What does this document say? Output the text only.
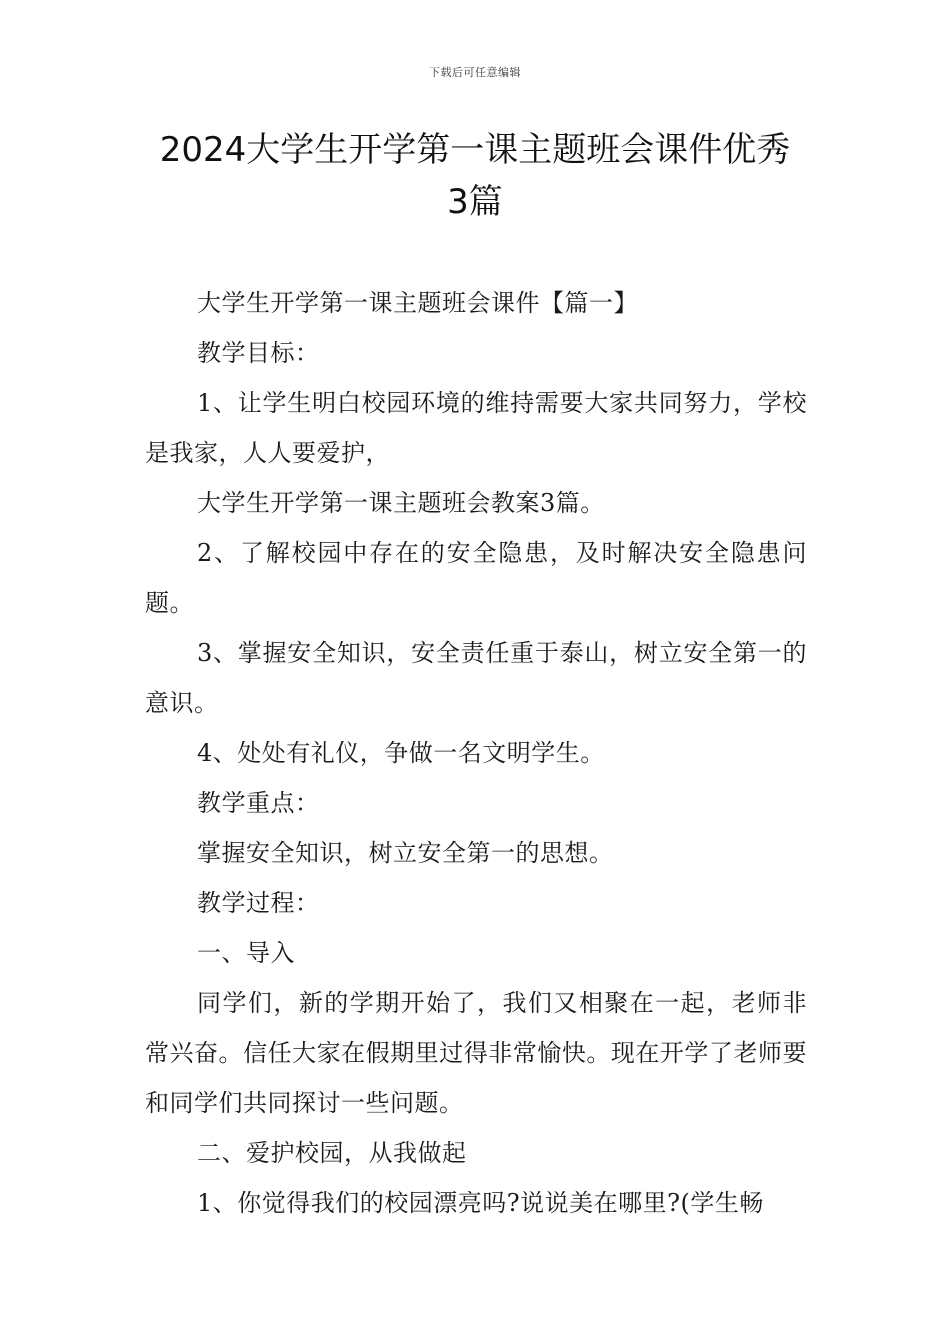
下载后可任意编辑
2024大学生开学第一课主题班会课件优秀
3篇

大学生开学第一课主题班会课件【篇一】

教学目标：

1、让学生明白校园环境的维持需要大家共同努力，学校是我家，人人要爱护，

大学生开学第一课主题班会教案3篇。

2、了解校园中存在的安全隐患，及时解决安全隐患问题。

3、掌握安全知识，安全责任重于泰山，树立安全第一的意识。

4、处处有礼仪，争做一名文明学生。

教学重点：

掌握安全知识，树立安全第一的思想。

教学过程：

一、导入

同学们，新的学期开始了，我们又相聚在一起，老师非常兴奋。信任大家在假期里过得非常愉快。现在开学了老师要和同学们共同探讨一些问题。

二、爱护校园，从我做起

1、你觉得我们的校园漂亮吗?说说美在哪里?(学生畅
